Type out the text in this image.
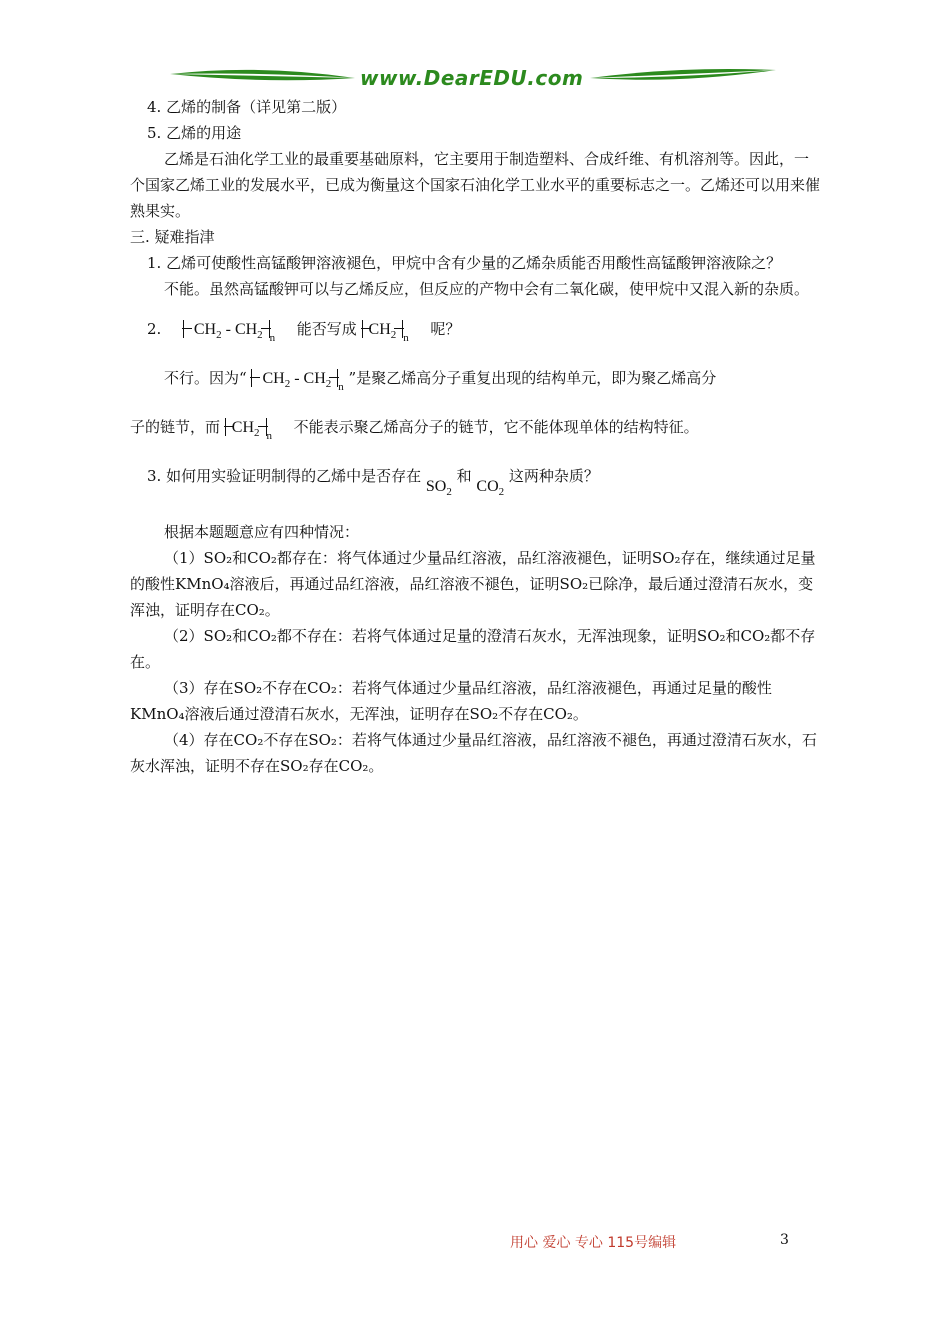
www.DearEDU.com

4. 乙烯的制备（详见第二版）

5. 乙烯的用途

乙烯是石油化学工业的最重要基础原料，它主要用于制造塑料、合成纤维、有机溶剂等。因此，一个国家乙烯工业的发展水平，已成为衡量这个国家石油化学工业水平的重要标志之一。乙烯还可以用来催熟果实。

三. 疑难指津

1. 乙烯可使酸性高锰酸钾溶液褪色，甲烷中含有少量的乙烯杂质能否用酸性高锰酸钾溶液除之？

不能。虽然高锰酸钾可以与乙烯反应，但反应的产物中会有二氧化碳，使甲烷中又混入新的杂质。

2. $CH_2 - CH_2$ $_n$ 能否写成 $CH_2$ $_n$ 呢？

不行。因为“ $CH_2 - CH_2$ $_n$ ”是聚乙烯高分子重复出现的结构单元，即为聚乙烯高分

子的链节，而 $CH_2$ $_n$ 不能表示聚乙烯高分子的链节，它不能体现单体的结构特征。

3. 如何用实验证明制得的乙烯中是否存在 $SO_2$ 和 $CO_2$ 这两种杂质？

根据本题题意应有四种情况：

（1）SO₂和CO₂都存在：将气体通过少量品红溶液，品红溶液褪色，证明SO₂存在，继续通过足量的酸性KMnO₄溶液后，再通过品红溶液，品红溶液不褪色，证明SO₂已除净，最后通过澄清石灰水，变浑浊，证明存在CO₂。

（2）SO₂和CO₂都不存在：若将气体通过足量的澄清石灰水，无浑浊现象，证明SO₂和CO₂都不存在。

（3）存在SO₂不存在CO₂：若将气体通过少量品红溶液，品红溶液褪色，再通过足量的酸性KMnO₄溶液后通过澄清石灰水，无浑浊，证明存在SO₂不存在CO₂。

（4）存在CO₂不存在SO₂：若将气体通过少量品红溶液，品红溶液不褪色，再通过澄清石灰水，石灰水浑浊，证明不存在SO₂存在CO₂。

用心 爱心 专心 115号编辑	3
